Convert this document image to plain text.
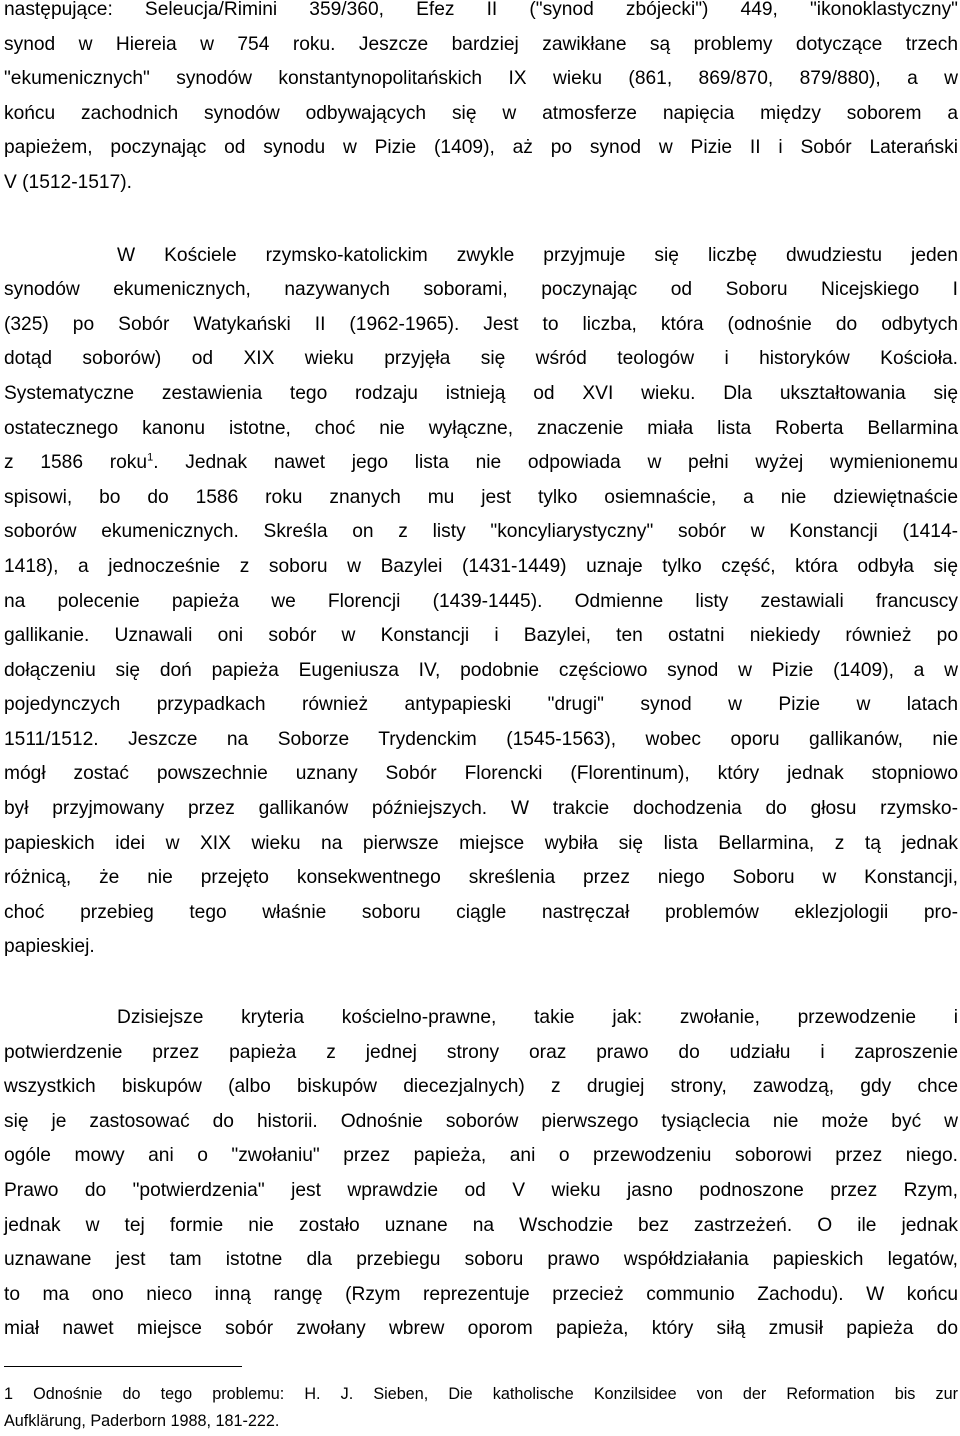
następujące: Seleucja/Rimini 359/360, Efez II ("synod zbójecki") 449, "ikonoklastyczny"
synod w Hiereia w 754 roku. Jeszcze bardziej zawikłane są problemy dotyczące trzech
"ekumenicznych" synodów konstantynopolitańskich IX wieku (861, 869/870, 879/880), a w
końcu zachodnich synodów odbywających się w atmosferze napięcia między soborem a
papieżem, poczynając od synodu w Pizie (1409), aż po synod w Pizie II i Sobór Laterański
V (1512-1517).
W Kościele rzymsko-katolickim zwykle przyjmuje się liczbę dwudziestu jeden
synodów ekumenicznych, nazywanych soborami, poczynając od Soboru Nicejskiego I
(325) po Sobór Watykański II (1962-1965). Jest to liczba, która (odnośnie do odbytych
dotąd soborów) od XIX wieku przyjęła się wśród teologów i historyków Kościoła.
Systematyczne zestawienia tego rodzaju istnieją od XVI wieku. Dla ukształtowania się
ostatecznego kanonu istotne, choć nie wyłączne, znaczenie miała lista Roberta Bellarmina
z 1586 roku$^1$. Jednak nawet jego lista nie odpowiada w pełni wyżej wymienionemu
spisowi, bo do 1586 roku znanych mu jest tylko osiemnaście, a nie dziewiętnaście
soborów ekumenicznych. Skreśla on z listy "koncyliarystyczny" sobór w Konstancji (1414-
1418), a jednocześnie z soboru w Bazylei (1431-1449) uznaje tylko część, która odbyła się
na polecenie papieża we Florencji (1439-1445). Odmienne listy zestawiali francuscy
gallikanie. Uznawali oni sobór w Konstancji i Bazylei, ten ostatni niekiedy również po
dołączeniu się doń papieża Eugeniusza IV, podobnie częściowo synod w Pizie (1409), a w
pojedynczych przypadkach również antypapieski "drugi" synod w Pizie w latach
1511/1512. Jeszcze na Soborze Trydenckim (1545-1563), wobec oporu gallikanów, nie
mógł zostać powszechnie uznany Sobór Florencki (Florentinum), który jednak stopniowo
był przyjmowany przez gallikanów późniejszych. W trakcie dochodzenia do głosu rzymsko-
papieskich idei w XIX wieku na pierwsze miejsce wybiła się lista Bellarmina, z tą jednak
różnicą, że nie przejęto konsekwentnego skreślenia przez niego Soboru w Konstancji,
choć przebieg tego właśnie soboru ciągle nastręczał problemów eklezjologii pro-
papieskiej.
Dzisiejsze kryteria kościelno-prawne, takie jak: zwołanie, przewodzenie i
potwierdzenie przez papieża z jednej strony oraz prawo do udziału i zaproszenie
wszystkich biskupów (albo biskupów diecezjalnych) z drugiej strony, zawodzą, gdy chce
się je zastosować do historii. Odnośnie soborów pierwszego tysiąclecia nie może być w
ogóle mowy ani o "zwołaniu" przez papieża, ani o przewodzeniu soborowi przez niego.
Prawo do "potwierdzenia" jest wprawdzie od V wieku jasno podnoszone przez Rzym,
jednak w tej formie nie zostało uznane na Wschodzie bez zastrzeżeń. O ile jednak
uznawane jest tam istotne dla przebiegu soboru prawo współdziałania papieskich legatów,
to ma ono nieco inną rangę (Rzym reprezentuje przecież communio Zachodu). W końcu
miał nawet miejsce sobór zwołany wbrew oporom papieża, który siłą zmusił papieża do
1 Odnośnie do tego problemu: H. J. Sieben, Die katholische Konzilsidee von der Reformation bis zur
Aufklärung, Paderborn 1988, 181-222.
